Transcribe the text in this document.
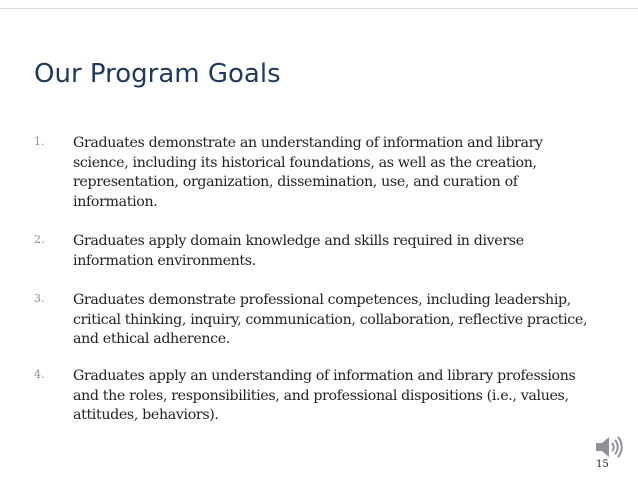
Our Program Goals
1. Graduates demonstrate an understanding of information and library science, including its historical foundations, as well as the creation, representation, organization, dissemination, use, and curation of information.
2. Graduates apply domain knowledge and skills required in diverse information environments.
3. Graduates demonstrate professional competences, including leadership, critical thinking, inquiry, communication, collaboration, reflective practice, and ethical adherence.
4. Graduates apply an understanding of information and library professions and the roles, responsibilities, and professional dispositions (i.e., values, attitudes, behaviors).
15
